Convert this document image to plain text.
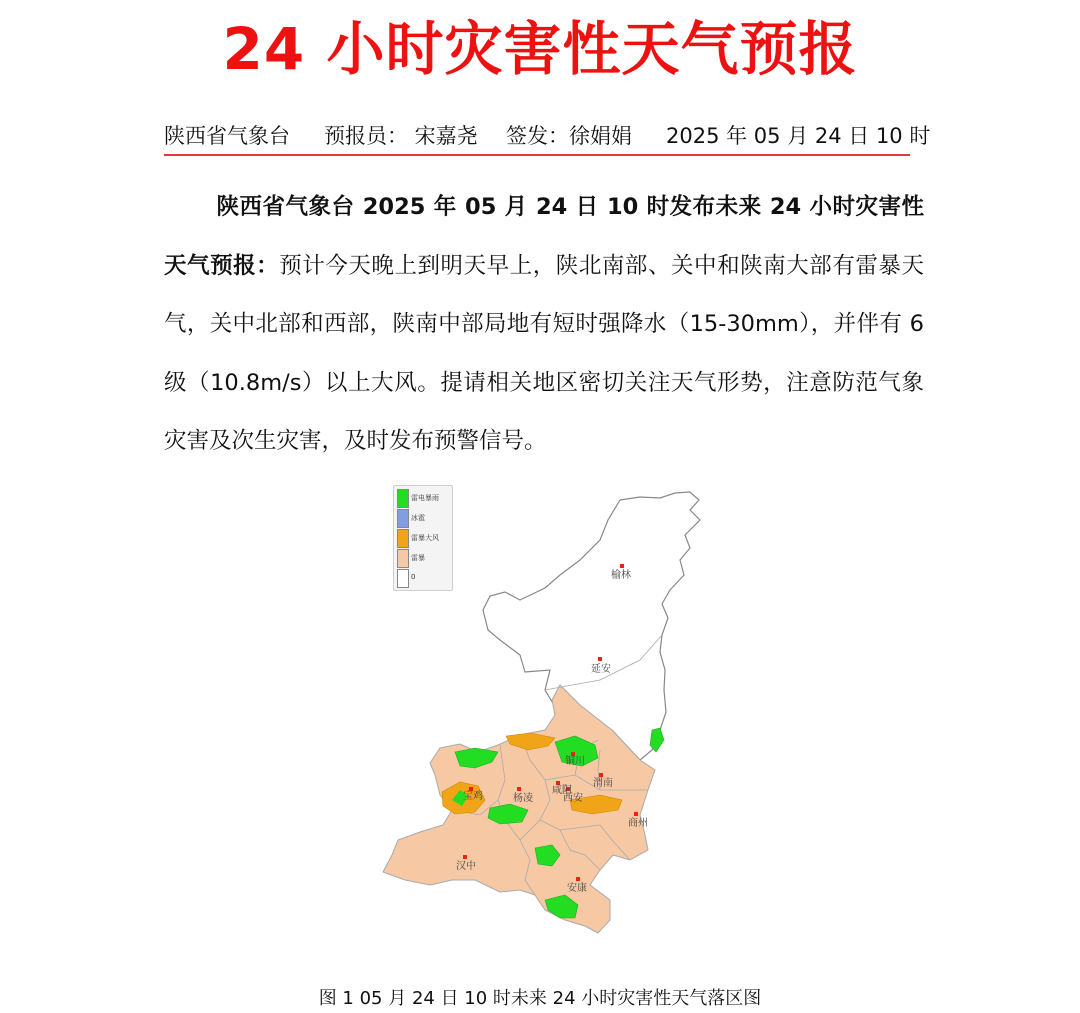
24 小时灾害性天气预报
陕西省气象台 预报员： 宋嘉尧 签发：徐娟娟 2025 年 05 月 24 日 10 时
陕西省气象台 2025 年 05 月 24 日 10 时发布未来 24 小时灾害性天气预报：预计今天晚上到明天早上，陕北南部、关中和陕南大部有雷暴天气，关中北部和西部，陕南中部局地有短时强降水（15-30mm），并伴有 6 级（10.8m/s）以上大风。提请相关地区密切关注天气形势，注意防范气象灾害及次生灾害，及时发布预警信号。
榆林
延安
铜川
渭南
宝鸡	杨凌
咸阳
西安
商州
汉中
安康
雷电暴雨
冰雹
雷暴大风
雷暴
0
图 1 05 月 24 日 10 时未来 24 小时灾害性天气落区图
